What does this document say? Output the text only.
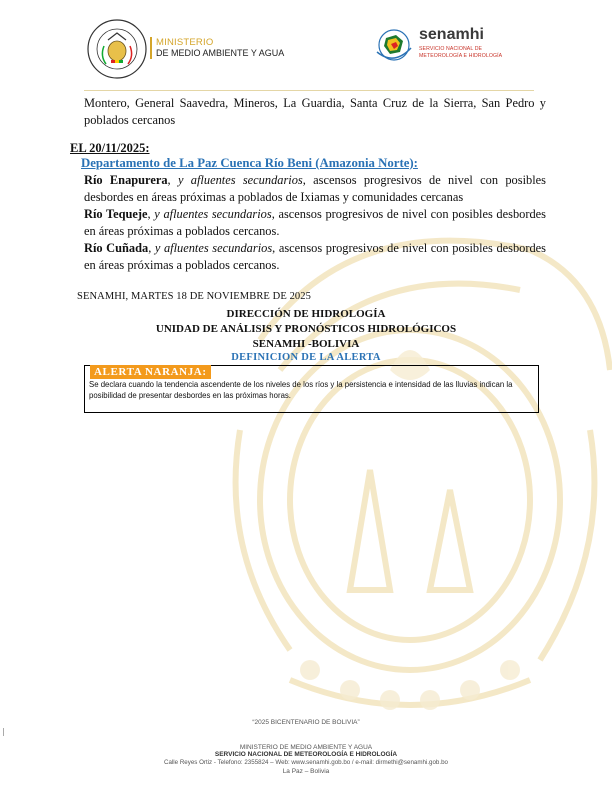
MINISTERIO
DE MEDIO AMBIENTE Y AGUA
senamhi
SERVICIO NACIONAL DE
METEOROLOGÍA E HIDROLOGÍA
Montero, General Saavedra, Mineros, La Guardia, Santa Cruz de la Sierra, San Pedro y poblados cercanos
EL 20/11/2025:
Departamento de La Paz Cuenca Río Beni (Amazonia Norte):
Río Enapurera, y afluentes secundarios, ascensos progresivos de nivel con posibles desbordes en áreas próximas a poblados de Ixiamas y comunidades cercanas
Río Tequeje, y afluentes secundarios, ascensos progresivos de nivel con posibles desbordes en áreas próximas a poblados cercanos.
Río Cuñada, y afluentes secundarios, ascensos progresivos de nivel con posibles desbordes en áreas próximas a poblados cercanos.
SENAMHI, MARTES 18 DE NOVIEMBRE DE 2025
DIRECCIÓN DE HIDROLOGÍA
UNIDAD DE ANÁLISIS Y PRONÓSTICOS HIDROLÓGICOS
SENAMHI -BOLIVIA
DEFINICION DE LA ALERTA
ALERTA NARANJA:
Se declara cuando la tendencia ascendente de los niveles de los ríos y la persistencia e intensidad de las lluvias indican la posibilidad de presentar desbordes en las próximas horas.
“2025 BICENTENARIO DE BOLIVIA”
MINISTERIO DE MEDIO AMBIENTE Y AGUA
SERVICIO NACIONAL DE METEOROLOGÍA E HIDROLOGÍA
Calle Reyes Ortiz - Telefono: 2355824 – Web: www.senamhi.gob.bo / e-mail: dirmethi@senamhi.gob.bo
La Paz – Bolivia
